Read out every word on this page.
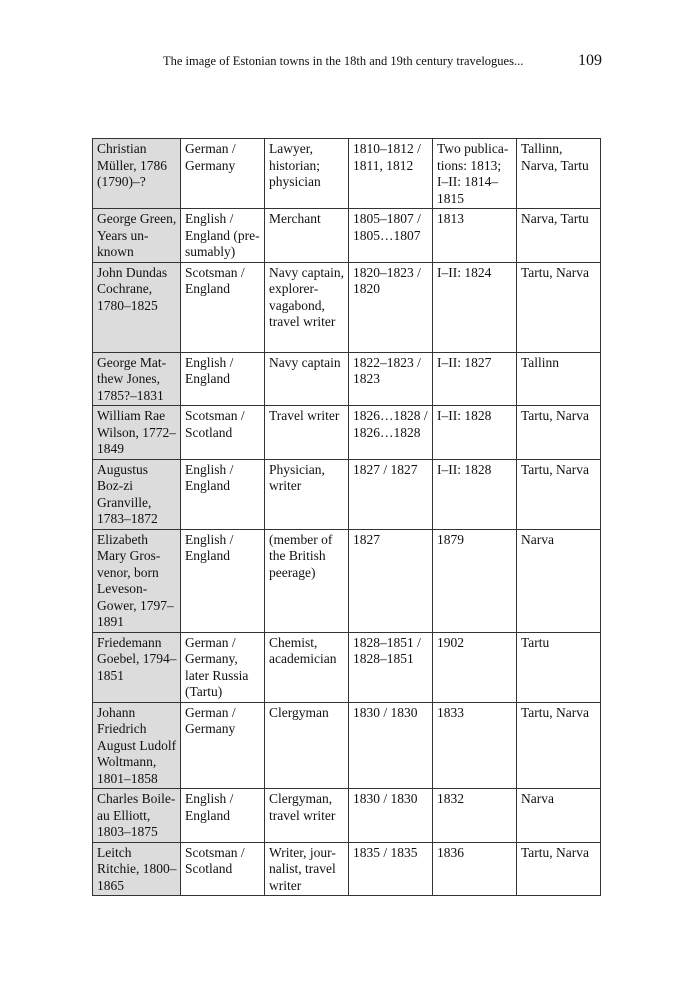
The image of Estonian towns in the 18th and 19th century travelogues...	109
Christian Müller, 1786 (1790)–?	German / Germany	Lawyer, historian; physician	1810–1812 / 1811, 1812	Two publica-tions: 1813; I–II: 1814–1815	Tallinn, Narva, Tartu
George Green, Years un-known	English / England (pre-sumably)	Merchant	1805–1807 / 1805…1807	1813	Narva, Tartu
John Dundas Cochrane, 1780–1825	Scotsman / England	Navy captain, explorer-vagabond, travel writer	1820–1823 / 1820	I–II: 1824	Tartu, Narva
George Mat-thew Jones, 1785?–1831	English / England	Navy captain	1822–1823 / 1823	I–II: 1827	Tallinn
William Rae Wilson, 1772–1849	Scotsman / Scotland	Travel writer	1826…1828 / 1826…1828	I–II: 1828	Tartu, Narva
Augustus Boz-zi Granville, 1783–1872	English / England	Physician, writer	1827 / 1827	I–II: 1828	Tartu, Narva
Elizabeth Mary Gros-venor, born Leveson-Gower, 1797–1891	English / England	(member of the British peerage)	1827	1879	Narva
Friedemann Goebel, 1794–1851	German / Germany, later Russia (Tartu)	Chemist, academician	1828–1851 / 1828–1851	1902	Tartu
Johann Friedrich August Ludolf Woltmann, 1801–1858	German / Germany	Clergyman	1830 / 1830	1833	Tartu, Narva
Charles Boile-au Elliott, 1803–1875	English / England	Clergyman, travel writer	1830 / 1830	1832	Narva
Leitch Ritchie, 1800–1865	Scotsman / Scotland	Writer, jour-nalist, travel writer	1835 / 1835	1836	Tartu, Narva
